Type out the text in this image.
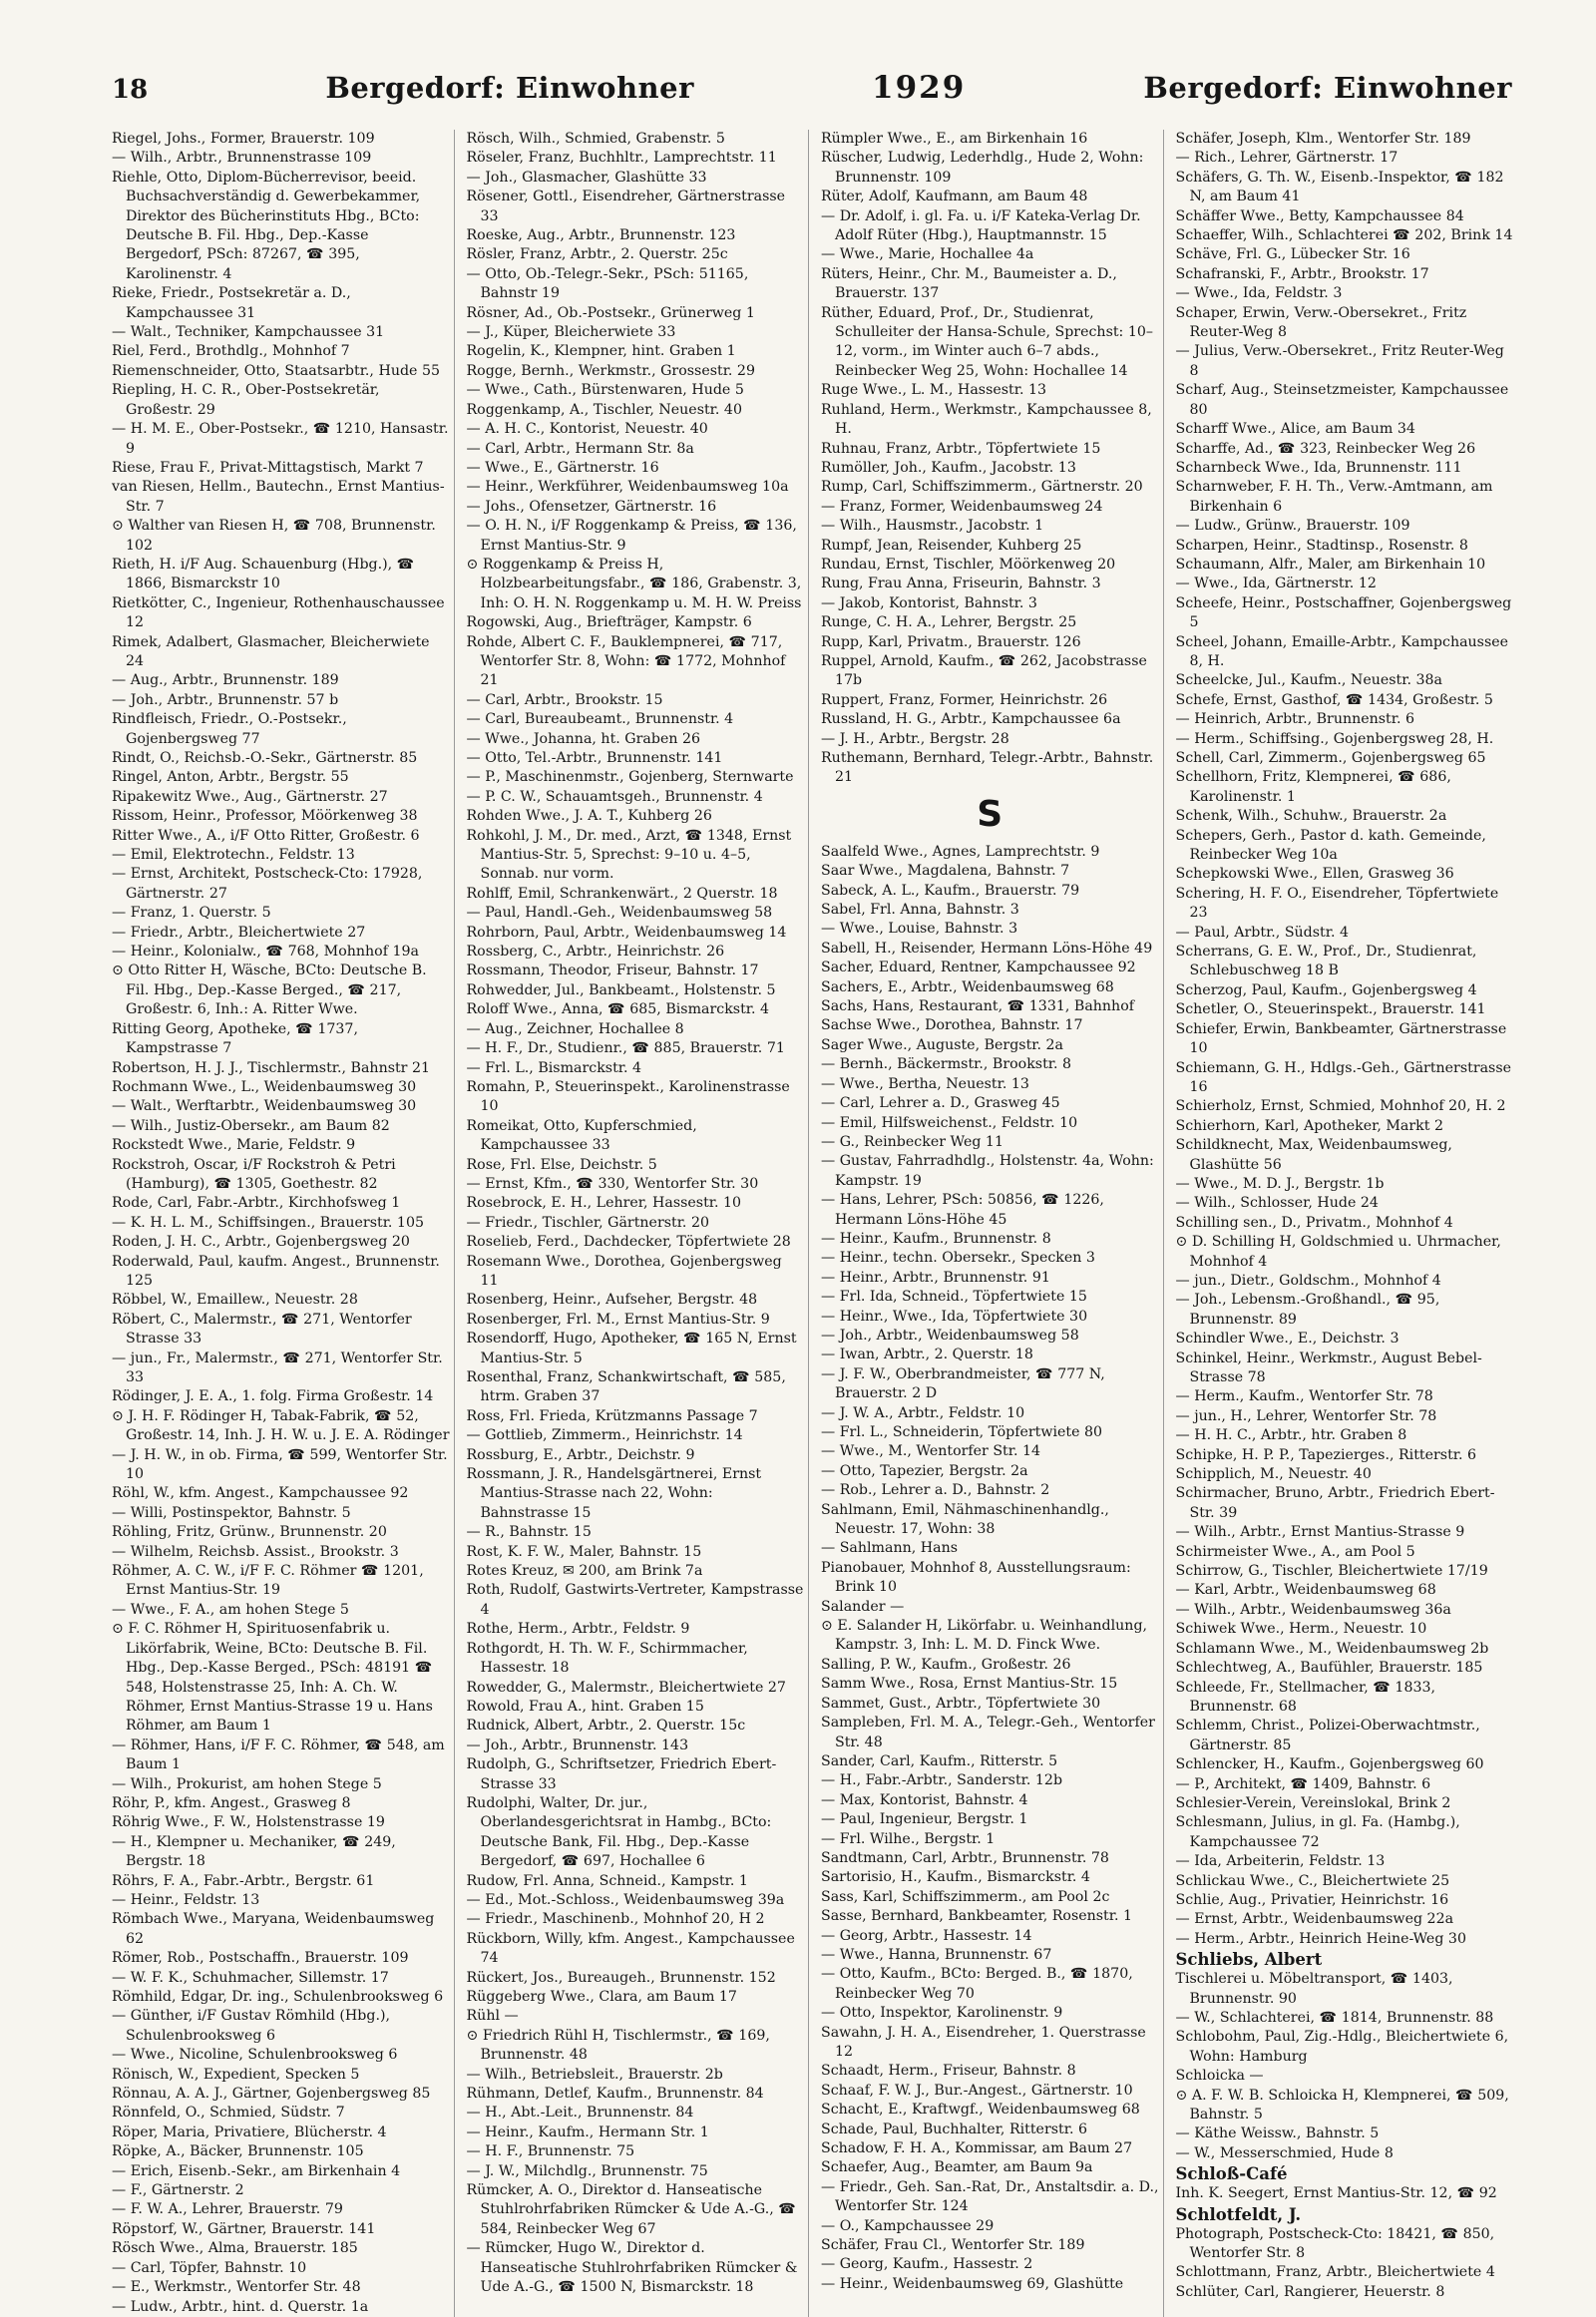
18	Bergedorf: Einwohner	1929	Bergedorf: Einwohner
Riegel, Johs., Former, Brauerstr. 109
— Wilh., Arbtr., Brunnenstrasse 109
Riehle, Otto, Diplom-Bücherrevisor, beeid. Buchsachverständig d. Gewerbekammer, Direktor des Bücherinstituts Hbg., BCto: Deutsche B. Fil. Hbg., Dep.-Kasse Bergedorf, PSch: 87267, ☎ 395, Karolinenstr. 4
Rieke, Friedr., Postsekretär a. D., Kampchaussee 31
— Walt., Techniker, Kampchaussee 31
Riel, Ferd., Brothdlg., Mohnhof 7
Riemenschneider, Otto, Staatsarbtr., Hude 55
Riepling, H. C. R., Ober-Postsekretär, Großestr. 29
— H. M. E., Ober-Postsekr., ☎ 1210, Hansastr. 9
Riese, Frau F., Privat-Mittagstisch, Markt 7
van Riesen, Hellm., Bautechn., Ernst Mantius-Str. 7
⊙ Walther van Riesen H, ☎ 708, Brunnenstr. 102
Rieth, H. i/F Aug. Schauenburg (Hbg.), ☎ 1866, Bismarckstr 10
Rietkötter, C., Ingenieur, Rothenhauschaussee 12
Rimek, Adalbert, Glasmacher, Bleicherwiete 24
— Aug., Arbtr., Brunnenstr. 189
— Joh., Arbtr., Brunnenstr. 57 b
Rindfleisch, Friedr., O.-Postsekr., Gojenbergsweg 77
Rindt, O., Reichsb.-O.-Sekr., Gärtnerstr. 85
Ringel, Anton, Arbtr., Bergstr. 55
Ripakewitz Wwe., Aug., Gärtnerstr. 27
Rissom, Heinr., Professor, Möörkenweg 38
Ritter Wwe., A., i/F Otto Ritter, Großestr. 6
— Emil, Elektrotechn., Feldstr. 13
— Ernst, Architekt, Postscheck-Cto: 17928, Gärtnerstr. 27
— Franz, 1. Querstr. 5
— Friedr., Arbtr., Bleichertwiete 27
— Heinr., Kolonialw., ☎ 768, Mohnhof 19a
⊙ Otto Ritter H, Wäsche, BCto: Deutsche B. Fil. Hbg., Dep.-Kasse Berged., ☎ 217, Großestr. 6, Inh.: A. Ritter Wwe.
Ritting Georg, Apotheke, ☎ 1737, Kampstrasse 7
Robertson, H. J. J., Tischlermstr., Bahnstr 21
Rochmann Wwe., L., Weidenbaumsweg 30
— Walt., Werftarbtr., Weidenbaumsweg 30
— Wilh., Justiz-Obersekr., am Baum 82
Rockstedt Wwe., Marie, Feldstr. 9
Rockstroh, Oscar, i/F Rockstroh & Petri (Hamburg), ☎ 1305, Goethestr. 82
Rode, Carl, Fabr.-Arbtr., Kirchhofsweg 1
— K. H. L. M., Schiffsingen., Brauerstr. 105
Roden, J. H. C., Arbtr., Gojenbergsweg 20
Roderwald, Paul, kaufm. Angest., Brunnenstr. 125
Röbbel, W., Emaillew., Neuestr. 28
Röbert, C., Malermstr., ☎ 271, Wentorfer Strasse 33
— jun., Fr., Malermstr., ☎ 271, Wentorfer Str. 33
Rödinger, J. E. A., 1. folg. Firma Großestr. 14
⊙ J. H. F. Rödinger H, Tabak-Fabrik, ☎ 52, Großestr. 14, Inh. J. H. W. u. J. E. A. Rödinger
— J. H. W., in ob. Firma, ☎ 599, Wentorfer Str. 10
Röhl, W., kfm. Angest., Kampchaussee 92
— Willi, Postinspektor, Bahnstr. 5
Röhling, Fritz, Grünw., Brunnenstr. 20
— Wilhelm, Reichsb. Assist., Brookstr. 3
Röhmer, A. C. W., i/F F. C. Röhmer ☎ 1201, Ernst Mantius-Str. 19
— Wwe., F. A., am hohen Stege 5
⊙ F. C. Röhmer H, Spirituosenfabrik u. Likörfabrik, Weine, BCto: Deutsche B. Fil. Hbg., Dep.-Kasse Berged., PSch: 48191 ☎ 548, Holstenstrasse 25, Inh: A. Ch. W. Röhmer, Ernst Mantius-Strasse 19 u. Hans Röhmer, am Baum 1
— Röhmer, Hans, i/F F. C. Röhmer, ☎ 548, am Baum 1
— Wilh., Prokurist, am hohen Stege 5
Röhr, P., kfm. Angest., Grasweg 8
Röhrig Wwe., F. W., Holstenstrasse 19
— H., Klempner u. Mechaniker, ☎ 249, Bergstr. 18
Röhrs, F. A., Fabr.-Arbtr., Bergstr. 61
— Heinr., Feldstr. 13
Römbach Wwe., Maryana, Weidenbaumsweg 62
Römer, Rob., Postschaffn., Brauerstr. 109
— W. F. K., Schuhmacher, Sillemstr. 17
Römhild, Edgar, Dr. ing., Schulenbrooksweg 6
— Günther, i/F Gustav Römhild (Hbg.), Schulenbrooksweg 6
— Wwe., Nicoline, Schulenbrooksweg 6
Rönisch, W., Expedient, Specken 5
Rönnau, A. A. J., Gärtner, Gojenbergsweg 85
Rönnfeld, O., Schmied, Südstr. 7
Röper, Maria, Privatiere, Blücherstr. 4
Röpke, A., Bäcker, Brunnenstr. 105
— Erich, Eisenb.-Sekr., am Birkenhain 4
— F., Gärtnerstr. 2
— F. W. A., Lehrer, Brauerstr. 79
Röpstorf, W., Gärtner, Brauerstr. 141
Rösch Wwe., Alma, Brauerstr. 185
— Carl, Töpfer, Bahnstr. 10
— E., Werkmstr., Wentorfer Str. 48
— Ludw., Arbtr., hint. d. Querstr. 1a
Rösch, Wilh., Schmied, Grabenstr. 5
Röseler, Franz, Buchhltr., Lamprechtstr. 11
— Joh., Glasmacher, Glashütte 33
Rösener, Gottl., Eisendreher, Gärtnerstrasse 33
Roeske, Aug., Arbtr., Brunnenstr. 123
Rösler, Franz, Arbtr., 2. Querstr. 25c
— Otto, Ob.-Telegr.-Sekr., PSch: 51165, Bahnstr 19
Rösner, Ad., Ob.-Postsekr., Grünerweg 1
— J., Küper, Bleicherwiete 33
Rogelin, K., Klempner, hint. Graben 1
Rogge, Bernh., Werkmstr., Grossestr. 29
— Wwe., Cath., Bürstenwaren, Hude 5
Roggenkamp, A., Tischler, Neuestr. 40
— A. H. C., Kontorist, Neuestr. 40
— Carl, Arbtr., Hermann Str. 8a
— Wwe., E., Gärtnerstr. 16
— Heinr., Werkführer, Weidenbaumsweg 10a
— Johs., Ofensetzer, Gärtnerstr. 16
— O. H. N., i/F Roggenkamp & Preiss, ☎ 136, Ernst Mantius-Str. 9
⊙ Roggenkamp & Preiss H, Holzbearbeitungsfabr., ☎ 186, Grabenstr. 3, Inh: O. H. N. Roggenkamp u. M. H. W. Preiss
Rogowski, Aug., Briefträger, Kampstr. 6
Rohde, Albert C. F., Bauklempnerei, ☎ 717, Wentorfer Str. 8, Wohn: ☎ 1772, Mohnhof 21
— Carl, Arbtr., Brookstr. 15
— Carl, Bureaubeamt., Brunnenstr. 4
— Wwe., Johanna, ht. Graben 26
— Otto, Tel.-Arbtr., Brunnenstr. 141
— P., Maschinenmstr., Gojenberg, Sternwarte
— P. C. W., Schauamtsgeh., Brunnenstr. 4
Rohden Wwe., J. A. T., Kuhberg 26
Rohkohl, J. M., Dr. med., Arzt, ☎ 1348, Ernst Mantius-Str. 5, Sprechst: 9–10 u. 4–5, Sonnab. nur vorm.
Rohlff, Emil, Schrankenwärt., 2 Querstr. 18
— Paul, Handl.-Geh., Weidenbaumsweg 58
Rohrborn, Paul, Arbtr., Weidenbaumsweg 14
Rossberg, C., Arbtr., Heinrichstr. 26
Rossmann, Theodor, Friseur, Bahnstr. 17
Rohwedder, Jul., Bankbeamt., Holstenstr. 5
Roloff Wwe., Anna, ☎ 685, Bismarckstr. 4
— Aug., Zeichner, Hochallee 8
— H. F., Dr., Studienr., ☎ 885, Brauerstr. 71
— Frl. L., Bismarckstr. 4
Romahn, P., Steuerinspekt., Karolinenstrasse 10
Romeikat, Otto, Kupferschmied, Kampchaussee 33
Rose, Frl. Else, Deichstr. 5
— Ernst, Kfm., ☎ 330, Wentorfer Str. 30
Rosebrock, E. H., Lehrer, Hassestr. 10
— Friedr., Tischler, Gärtnerstr. 20
Roselieb, Ferd., Dachdecker, Töpfertwiete 28
Rosemann Wwe., Dorothea, Gojenbergsweg 11
Rosenberg, Heinr., Aufseher, Bergstr. 48
Rosenberger, Frl. M., Ernst Mantius-Str. 9
Rosendorff, Hugo, Apotheker, ☎ 165 N, Ernst Mantius-Str. 5
Rosenthal, Franz, Schankwirtschaft, ☎ 585, htrm. Graben 37
Ross, Frl. Frieda, Krützmanns Passage 7
— Gottlieb, Zimmerm., Heinrichstr. 14
Rossburg, E., Arbtr., Deichstr. 9
Rossmann, J. R., Handelsgärtnerei, Ernst Mantius-Strasse nach 22, Wohn: Bahnstrasse 15
— R., Bahnstr. 15
Rost, K. F. W., Maler, Bahnstr. 15
Rotes Kreuz, ✉ 200, am Brink 7a
Roth, Rudolf, Gastwirts-Vertreter, Kampstrasse 4
Rothe, Herm., Arbtr., Feldstr. 9
Rothgordt, H. Th. W. F., Schirmmacher, Hassestr. 18
Rowedder, G., Malermstr., Bleichertwiete 27
Rowold, Frau A., hint. Graben 15
Rudnick, Albert, Arbtr., 2. Querstr. 15c
— Joh., Arbtr., Brunnenstr. 143
Rudolph, G., Schriftsetzer, Friedrich Ebert-Strasse 33
Rudolphi, Walter, Dr. jur., Oberlandesgerichtsrat in Hambg., BCto: Deutsche Bank, Fil. Hbg., Dep.-Kasse Bergedorf, ☎ 697, Hochallee 6
Rudow, Frl. Anna, Schneid., Kampstr. 1
— Ed., Mot.-Schloss., Weidenbaumsweg 39a
— Friedr., Maschinenb., Mohnhof 20, H 2
Rückborn, Willy, kfm. Angest., Kampchaussee 74
Rückert, Jos., Bureaugeh., Brunnenstr. 152
Rüggeberg Wwe., Clara, am Baum 17
Rühl —
⊙ Friedrich Rühl H, Tischlermstr., ☎ 169, Brunnenstr. 48
— Wilh., Betriebsleit., Brauerstr. 2b
Rühmann, Detlef, Kaufm., Brunnenstr. 84
— H., Abt.-Leit., Brunnenstr. 84
— Heinr., Kaufm., Hermann Str. 1
— H. F., Brunnenstr. 75
— J. W., Milchdlg., Brunnenstr. 75
Rümcker, A. O., Direktor d. Hanseatische Stuhlrohrfabriken Rümcker & Ude A.-G., ☎ 584, Reinbecker Weg 67
— Rümcker, Hugo W., Direktor d. Hanseatische Stuhlrohrfabriken Rümcker & Ude A.-G., ☎ 1500 N, Bismarckstr. 18
Rümpler Wwe., E., am Birkenhain 16
Rüscher, Ludwig, Lederhdlg., Hude 2, Wohn: Brunnenstr. 109
Rüter, Adolf, Kaufmann, am Baum 48
— Dr. Adolf, i. gl. Fa. u. i/F Kateka-Verlag Dr. Adolf Rüter (Hbg.), Hauptmannstr. 15
— Wwe., Marie, Hochallee 4a
Rüters, Heinr., Chr. M., Baumeister a. D., Brauerstr. 137
Rüther, Eduard, Prof., Dr., Studienrat, Schulleiter der Hansa-Schule, Sprechst: 10–12, vorm., im Winter auch 6–7 abds., Reinbecker Weg 25, Wohn: Hochallee 14
Ruge Wwe., L. M., Hassestr. 13
Ruhland, Herm., Werkmstr., Kampchaussee 8, H.
Ruhnau, Franz, Arbtr., Töpfertwiete 15
Rumöller, Joh., Kaufm., Jacobstr. 13
Rump, Carl, Schiffszimmerm., Gärtnerstr. 20
— Franz, Former, Weidenbaumsweg 24
— Wilh., Hausmstr., Jacobstr. 1
Rumpf, Jean, Reisender, Kuhberg 25
Rundau, Ernst, Tischler, Möörkenweg 20
Rung, Frau Anna, Friseurin, Bahnstr. 3
— Jakob, Kontorist, Bahnstr. 3
Runge, C. H. A., Lehrer, Bergstr. 25
Rupp, Karl, Privatm., Brauerstr. 126
Ruppel, Arnold, Kaufm., ☎ 262, Jacobstrasse 17b
Ruppert, Franz, Former, Heinrichstr. 26
Russland, H. G., Arbtr., Kampchaussee 6a
— J. H., Arbtr., Bergstr. 28
Ruthemann, Bernhard, Telegr.-Arbtr., Bahnstr. 21
S
Saalfeld Wwe., Agnes, Lamprechtstr. 9
Saar Wwe., Magdalena, Bahnstr. 7
Sabeck, A. L., Kaufm., Brauerstr. 79
Sabel, Frl. Anna, Bahnstr. 3
— Wwe., Louise, Bahnstr. 3
Sabell, H., Reisender, Hermann Löns-Höhe 49
Sacher, Eduard, Rentner, Kampchaussee 92
Sachers, E., Arbtr., Weidenbaumsweg 68
Sachs, Hans, Restaurant, ☎ 1331, Bahnhof
Sachse Wwe., Dorothea, Bahnstr. 17
Sager Wwe., Auguste, Bergstr. 2a
— Bernh., Bäckermstr., Brookstr. 8
— Wwe., Bertha, Neuestr. 13
— Carl, Lehrer a. D., Grasweg 45
— Emil, Hilfsweichenst., Feldstr. 10
— G., Reinbecker Weg 11
— Gustav, Fahrradhdlg., Holstenstr. 4a, Wohn: Kampstr. 19
— Hans, Lehrer, PSch: 50856, ☎ 1226, Hermann Löns-Höhe 45
— Heinr., Kaufm., Brunnenstr. 8
— Heinr., techn. Obersekr., Specken 3
— Heinr., Arbtr., Brunnenstr. 91
— Frl. Ida, Schneid., Töpfertwiete 15
— Heinr., Wwe., Ida, Töpfertwiete 30
— Joh., Arbtr., Weidenbaumsweg 58
— Iwan, Arbtr., 2. Querstr. 18
— J. F. W., Oberbrandmeister, ☎ 777 N, Brauerstr. 2 D
— J. W. A., Arbtr., Feldstr. 10
— Frl. L., Schneiderin, Töpfertwiete 80
— Wwe., M., Wentorfer Str. 14
— Otto, Tapezier, Bergstr. 2a
— Rob., Lehrer a. D., Bahnstr. 2
Sahlmann, Emil, Nähmaschinenhandlg., Neuestr. 17, Wohn: 38
— Sahlmann, Hans
Pianobauer, Mohnhof 8, Ausstellungsraum: Brink 10
Salander —
⊙ E. Salander H, Likörfabr. u. Weinhandlung, Kampstr. 3, Inh: L. M. D. Finck Wwe.
Salling, P. W., Kaufm., Großestr. 26
Samm Wwe., Rosa, Ernst Mantius-Str. 15
Sammet, Gust., Arbtr., Töpfertwiete 30
Sampleben, Frl. M. A., Telegr.-Geh., Wentorfer Str. 48
Sander, Carl, Kaufm., Ritterstr. 5
— H., Fabr.-Arbtr., Sanderstr. 12b
— Max, Kontorist, Bahnstr. 4
— Paul, Ingenieur, Bergstr. 1
— Frl. Wilhe., Bergstr. 1
Sandtmann, Carl, Arbtr., Brunnenstr. 78
Sartorisio, H., Kaufm., Bismarckstr. 4
Sass, Karl, Schiffszimmerm., am Pool 2c
Sasse, Bernhard, Bankbeamter, Rosenstr. 1
— Georg, Arbtr., Hassestr. 14
— Wwe., Hanna, Brunnenstr. 67
— Otto, Kaufm., BCto: Berged. B., ☎ 1870, Reinbecker Weg 70
— Otto, Inspektor, Karolinenstr. 9
Sawahn, J. H. A., Eisendreher, 1. Querstrasse 12
Schaadt, Herm., Friseur, Bahnstr. 8
Schaaf, F. W. J., Bur.-Angest., Gärtnerstr. 10
Schacht, E., Kraftwgf., Weidenbaumsweg 68
Schade, Paul, Buchhalter, Ritterstr. 6
Schadow, F. H. A., Kommissar, am Baum 27
Schaefer, Aug., Beamter, am Baum 9a
— Friedr., Geh. San.-Rat, Dr., Anstaltsdir. a. D., Wentorfer Str. 124
— O., Kampchaussee 29
Schäfer, Frau Cl., Wentorfer Str. 189
— Georg, Kaufm., Hassestr. 2
— Heinr., Weidenbaumsweg 69, Glashütte
Schäfer, Joseph, Klm., Wentorfer Str. 189
— Rich., Lehrer, Gärtnerstr. 17
Schäfers, G. Th. W., Eisenb.-Inspektor, ☎ 182 N, am Baum 41
Schäffer Wwe., Betty, Kampchaussee 84
Schaeffer, Wilh., Schlachterei ☎ 202, Brink 14
Schäve, Frl. G., Lübecker Str. 16
Schafranski, F., Arbtr., Brookstr. 17
— Wwe., Ida, Feldstr. 3
Schaper, Erwin, Verw.-Obersekret., Fritz Reuter-Weg 8
— Julius, Verw.-Obersekret., Fritz Reuter-Weg 8
Scharf, Aug., Steinsetzmeister, Kampchaussee 80
Scharff Wwe., Alice, am Baum 34
Scharffe, Ad., ☎ 323, Reinbecker Weg 26
Scharnbeck Wwe., Ida, Brunnenstr. 111
Scharnweber, F. H. Th., Verw.-Amtmann, am Birkenhain 6
— Ludw., Grünw., Brauerstr. 109
Scharpen, Heinr., Stadtinsp., Rosenstr. 8
Schaumann, Alfr., Maler, am Birkenhain 10
— Wwe., Ida, Gärtnerstr. 12
Scheefe, Heinr., Postschaffner, Gojenbergsweg 5
Scheel, Johann, Emaille-Arbtr., Kampchaussee 8, H.
Scheelcke, Jul., Kaufm., Neuestr. 38a
Schefe, Ernst, Gasthof, ☎ 1434, Großestr. 5
— Heinrich, Arbtr., Brunnenstr. 6
— Herm., Schiffsing., Gojenbergsweg 28, H.
Schell, Carl, Zimmerm., Gojenbergsweg 65
Schellhorn, Fritz, Klempnerei, ☎ 686, Karolinenstr. 1
Schenk, Wilh., Schuhw., Brauerstr. 2a
Schepers, Gerh., Pastor d. kath. Gemeinde, Reinbecker Weg 10a
Schepkowski Wwe., Ellen, Grasweg 36
Schering, H. F. O., Eisendreher, Töpfertwiete 23
— Paul, Arbtr., Südstr. 4
Scherrans, G. E. W., Prof., Dr., Studienrat, Schlebuschweg 18 B
Scherzog, Paul, Kaufm., Gojenbergsweg 4
Schetler, O., Steuerinspekt., Brauerstr. 141
Schiefer, Erwin, Bankbeamter, Gärtnerstrasse 10
Schiemann, G. H., Hdlgs.-Geh., Gärtnerstrasse 16
Schierholz, Ernst, Schmied, Mohnhof 20, H. 2
Schierhorn, Karl, Apotheker, Markt 2
Schildknecht, Max, Weidenbaumsweg, Glashütte 56
— Wwe., M. D. J., Bergstr. 1b
— Wilh., Schlosser, Hude 24
Schilling sen., D., Privatm., Mohnhof 4
⊙ D. Schilling H, Goldschmied u. Uhrmacher, Mohnhof 4
— jun., Dietr., Goldschm., Mohnhof 4
— Joh., Lebensm.-Großhandl., ☎ 95, Brunnenstr. 89
Schindler Wwe., E., Deichstr. 3
Schinkel, Heinr., Werkmstr., August Bebel-Strasse 78
— Herm., Kaufm., Wentorfer Str. 78
— jun., H., Lehrer, Wentorfer Str. 78
— H. H. C., Arbtr., htr. Graben 8
Schipke, H. P. P., Tapezierges., Ritterstr. 6
Schipplich, M., Neuestr. 40
Schirmacher, Bruno, Arbtr., Friedrich Ebert-Str. 39
— Wilh., Arbtr., Ernst Mantius-Strasse 9
Schirmeister Wwe., A., am Pool 5
Schirrow, G., Tischler, Bleichertwiete 17/19
— Karl, Arbtr., Weidenbaumsweg 68
— Wilh., Arbtr., Weidenbaumsweg 36a
Schiwek Wwe., Herm., Neuestr. 10
Schlamann Wwe., M., Weidenbaumsweg 2b
Schlechtweg, A., Baufühler, Brauerstr. 185
Schleede, Fr., Stellmacher, ☎ 1833, Brunnenstr. 68
Schlemm, Christ., Polizei-Oberwachtmstr., Gärtnerstr. 85
Schlencker, H., Kaufm., Gojenbergsweg 60
— P., Architekt, ☎ 1409, Bahnstr. 6
Schlesier-Verein, Vereinslokal, Brink 2
Schlesmann, Julius, in gl. Fa. (Hambg.), Kampchaussee 72
— Ida, Arbeiterin, Feldstr. 13
Schlickau Wwe., C., Bleichertwiete 25
Schlie, Aug., Privatier, Heinrichstr. 16
— Ernst, Arbtr., Weidenbaumsweg 22a
— Herm., Arbtr., Heinrich Heine-Weg 30
Schliebs, Albert
Tischlerei u. Möbeltransport, ☎ 1403, Brunnenstr. 90
— W., Schlachterei, ☎ 1814, Brunnenstr. 88
Schlobohm, Paul, Zig.-Hdlg., Bleichertwiete 6, Wohn: Hamburg
Schloicka —
⊙ A. F. W. B. Schloicka H, Klempnerei, ☎ 509, Bahnstr. 5
— Käthe Weissw., Bahnstr. 5
— W., Messerschmied, Hude 8
Schloß-Café
Inh. K. Seegert, Ernst Mantius-Str. 12, ☎ 92
Schlotfeldt, J.
Photograph, Postscheck-Cto: 18421, ☎ 850, Wentorfer Str. 8
Schlottmann, Franz, Arbtr., Bleichertwiete 4
Schlüter, Carl, Rangierer, Heuerstr. 8
